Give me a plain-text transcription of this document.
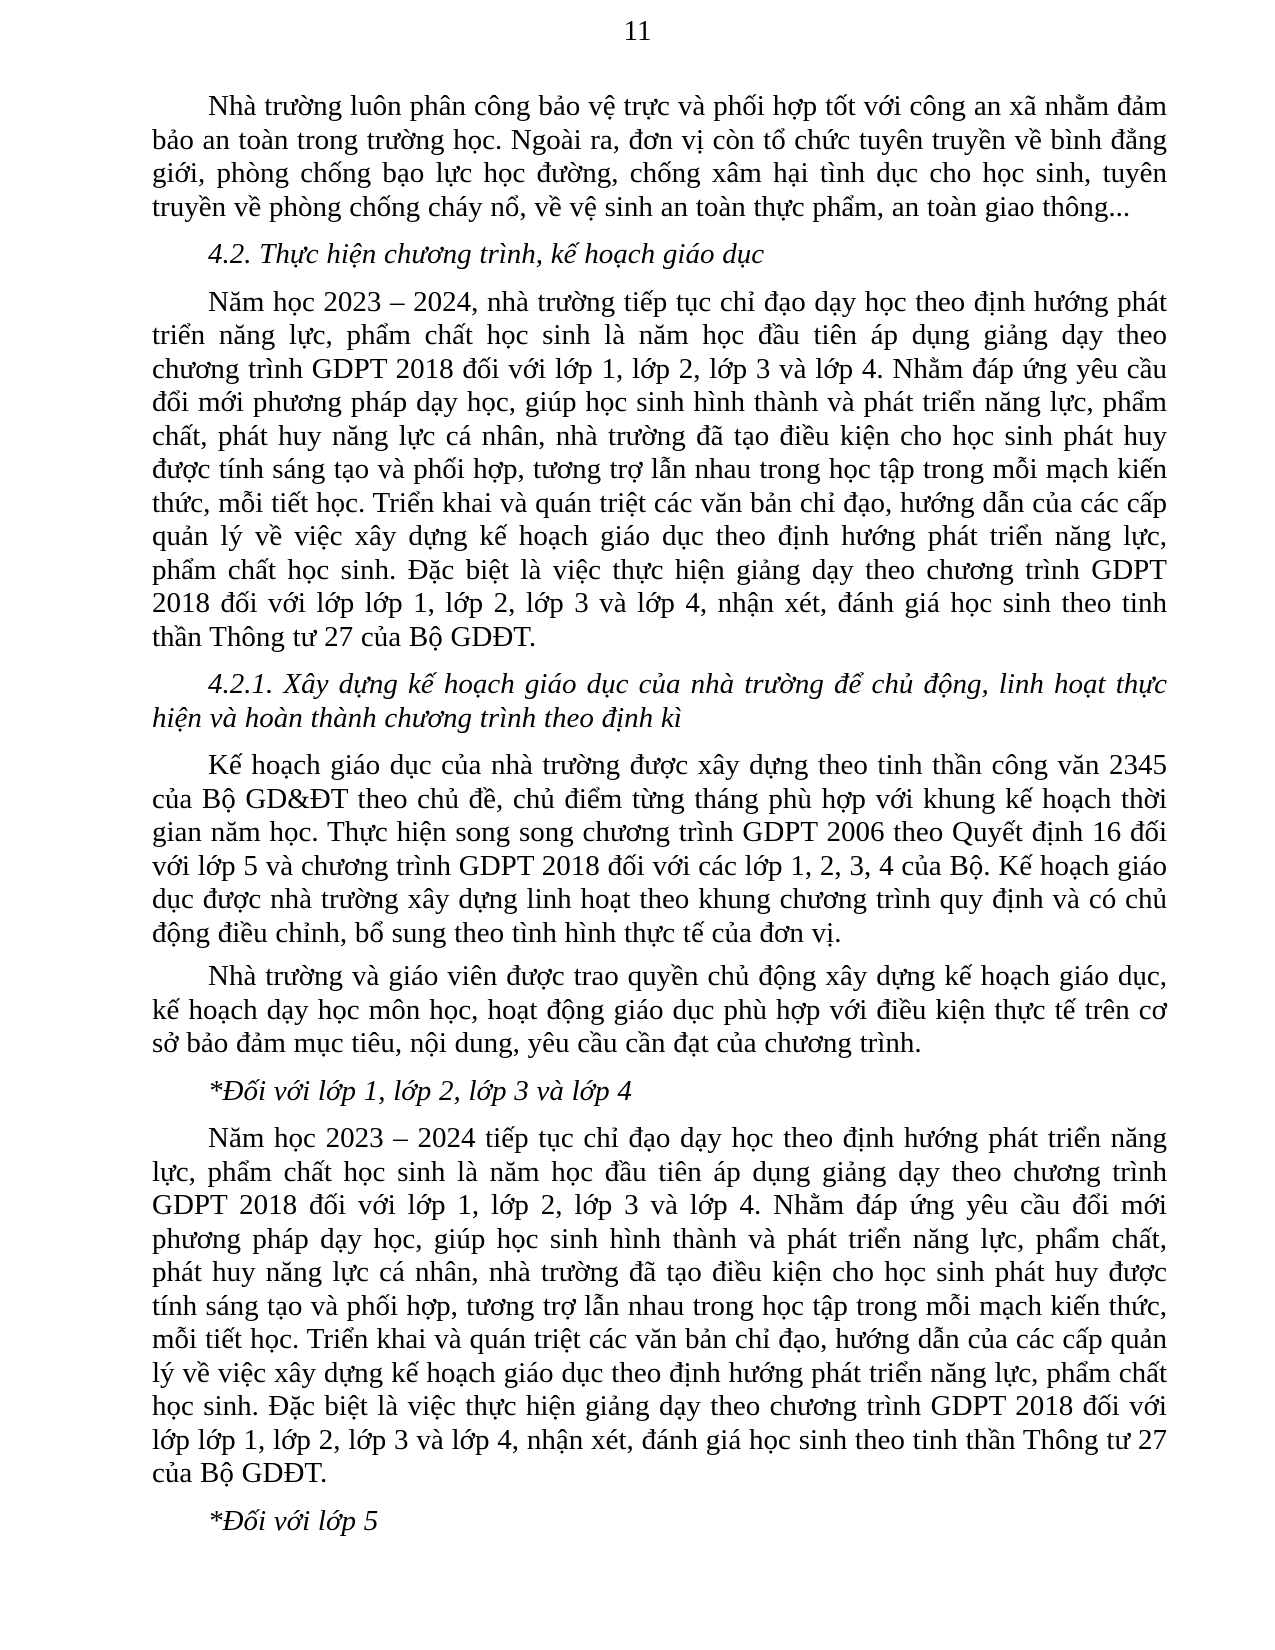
11

Nhà trường luôn phân công bảo vệ trực và phối hợp tốt với công an xã nhằm đảm bảo an toàn trong trường học. Ngoài ra, đơn vị còn tổ chức tuyên truyền về bình đẳng giới, phòng chống bạo lực học đường, chống xâm hại tình dục cho học sinh, tuyên truyền về phòng chống cháy nổ, về vệ sinh an toàn thực phẩm, an toàn giao thông...

4.2. Thực hiện chương trình, kế hoạch giáo dục

Năm học 2023 – 2024, nhà trường tiếp tục chỉ đạo dạy học theo định hướng phát triển năng lực, phẩm chất học sinh là năm học đầu tiên áp dụng giảng dạy theo chương trình GDPT 2018 đối với lớp 1, lớp 2, lớp 3 và lớp 4. Nhằm đáp ứng yêu cầu đổi mới phương pháp dạy học, giúp học sinh hình thành và phát triển năng lực, phẩm chất, phát huy năng lực cá nhân, nhà trường đã tạo điều kiện cho học sinh phát huy được tính sáng tạo và phối hợp, tương trợ lẫn nhau trong học tập trong mỗi mạch kiến thức, mỗi tiết học. Triển khai và quán triệt các văn bản chỉ đạo, hướng dẫn của các cấp quản lý về việc xây dựng kế hoạch giáo dục theo định hướng phát triển năng lực, phẩm chất học sinh. Đặc biệt là việc thực hiện giảng dạy theo chương trình GDPT 2018 đối với lớp lớp 1, lớp 2, lớp 3 và lớp 4, nhận xét, đánh giá học sinh theo tinh thần Thông tư 27 của Bộ GDĐT.

4.2.1. Xây dựng kế hoạch giáo dục của nhà trường để chủ động, linh hoạt thực hiện và hoàn thành chương trình theo định kì

Kế hoạch giáo dục của nhà trường được xây dựng theo tinh thần công văn 2345 của Bộ GD&ĐT theo chủ đề, chủ điểm từng tháng phù hợp với khung kế hoạch thời gian năm học. Thực hiện song song chương trình GDPT 2006 theo Quyết định 16 đối với lớp 5 và chương trình GDPT 2018 đối với các lớp 1, 2, 3, 4 của Bộ. Kế hoạch giáo dục được nhà trường xây dựng linh hoạt theo khung chương trình quy định và có chủ động điều chỉnh, bổ sung theo tình hình thực tế của đơn vị.

Nhà trường và giáo viên được trao quyền chủ động xây dựng kế hoạch giáo dục, kế hoạch dạy học môn học, hoạt động giáo dục phù hợp với điều kiện thực tế trên cơ sở bảo đảm mục tiêu, nội dung, yêu cầu cần đạt của chương trình.

*Đối với lớp 1, lớp 2, lớp 3 và lớp 4

Năm học 2023 – 2024 tiếp tục chỉ đạo dạy học theo định hướng phát triển năng lực, phẩm chất học sinh là năm học đầu tiên áp dụng giảng dạy theo chương trình GDPT 2018 đối với lớp 1, lớp 2, lớp 3 và lớp 4. Nhằm đáp ứng yêu cầu đổi mới phương pháp dạy học, giúp học sinh hình thành và phát triển năng lực, phẩm chất, phát huy năng lực cá nhân, nhà trường đã tạo điều kiện cho học sinh phát huy được tính sáng tạo và phối hợp, tương trợ lẫn nhau trong học tập trong mỗi mạch kiến thức, mỗi tiết học. Triển khai và quán triệt các văn bản chỉ đạo, hướng dẫn của các cấp quản lý về việc xây dựng kế hoạch giáo dục theo định hướng phát triển năng lực, phẩm chất học sinh. Đặc biệt là việc thực hiện giảng dạy theo chương trình GDPT 2018 đối với lớp lớp 1, lớp 2, lớp 3 và lớp 4, nhận xét, đánh giá học sinh theo tinh thần Thông tư 27 của Bộ GDĐT.

*Đối với lớp 5
